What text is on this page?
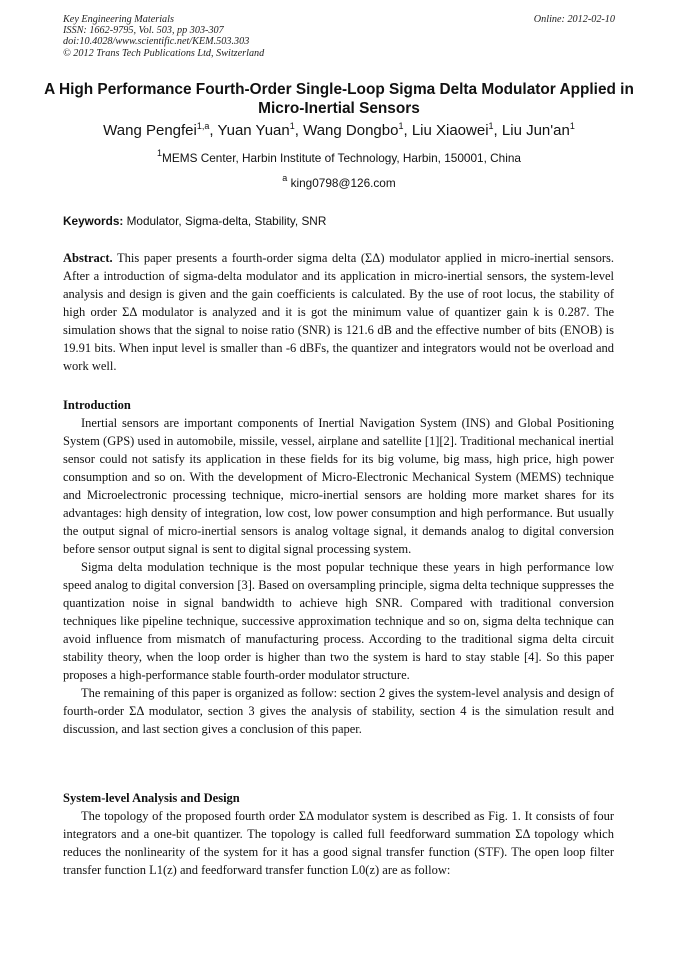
Key Engineering Materials
ISSN: 1662-9795, Vol. 503, pp 303-307
doi:10.4028/www.scientific.net/KEM.503.303
© 2012 Trans Tech Publications Ltd, Switzerland
Online: 2012-02-10
A High Performance Fourth-Order Single-Loop Sigma Delta Modulator Applied in Micro-Inertial Sensors
Wang Pengfei$^{1,a}$, Yuan Yuan$^1$, Wang Dongbo$^1$, Liu Xiaowei$^1$, Liu $Jun'an^1$
$^1$MEMS Center, Harbin Institute of Technology, Harbin, 150001, China
$^a$ king0798@126.com
Keywords: Modulator, Sigma-delta, Stability, SNR

Abstract. This paper presents a fourth-order sigma delta (ΣΔ) modulator applied in micro-inertial sensors. After a introduction of sigma-delta modulator and its application in micro-inertial sensors, the system-level analysis and design is given and the gain coefficients is calculated. By the use of root locus, the stability of high order ΣΔ modulator is analyzed and it is got the minimum value of quantizer gain k is 0.287. The simulation shows that the signal to noise ratio (SNR) is 121.6 dB and the effective number of bits (ENOB) is 19.91 bits. When input level is smaller than -6 dBFs, the quantizer and integrators would not be overload and work well.

Introduction

Inertial sensors are important components of Inertial Navigation System (INS) and Global Positioning System (GPS) used in automobile, missile, vessel, airplane and satellite [1][2]. Traditional mechanical inertial sensor could not satisfy its application in these fields for its big volume, big mass, high price, high power consumption and so on. With the development of Micro-Electronic Mechanical System (MEMS) technique and Microelectronic processing technique, micro-inertial sensors are holding more market shares for its advantages: high density of integration, low cost, low power consumption and high performance. But usually the output signal of micro-inertial sensors is analog voltage signal, it demands analog to digital conversion before sensor output signal is sent to digital signal processing system.

Sigma delta modulation technique is the most popular technique these years in high performance low speed analog to digital conversion [3]. Based on oversampling principle, sigma delta technique suppresses the quantization noise in signal bandwidth to achieve high SNR. Compared with traditional conversion techniques like pipeline technique, successive approximation technique and so on, sigma delta technique can avoid influence from mismatch of manufacturing process. According to the traditional sigma delta circuit stability theory, when the loop order is higher than two the system is hard to stay stable [4]. So this paper proposes a high-performance stable fourth-order modulator structure.

The remaining of this paper is organized as follow: section 2 gives the system-level analysis and design of fourth-order ΣΔ modulator, section 3 gives the analysis of stability, section 4 is the simulation result and discussion, and last section gives a conclusion of this paper.

System-level Analysis and Design

The topology of the proposed fourth order ΣΔ modulator system is described as Fig. 1. It consists of four integrators and a one-bit quantizer. The topology is called full feedforward summation ΣΔ topology which reduces the nonlinearity of the system for it has a good signal transfer function (STF). The open loop filter transfer function L1(z) and feedforward transfer function L0(z) are as follow:
